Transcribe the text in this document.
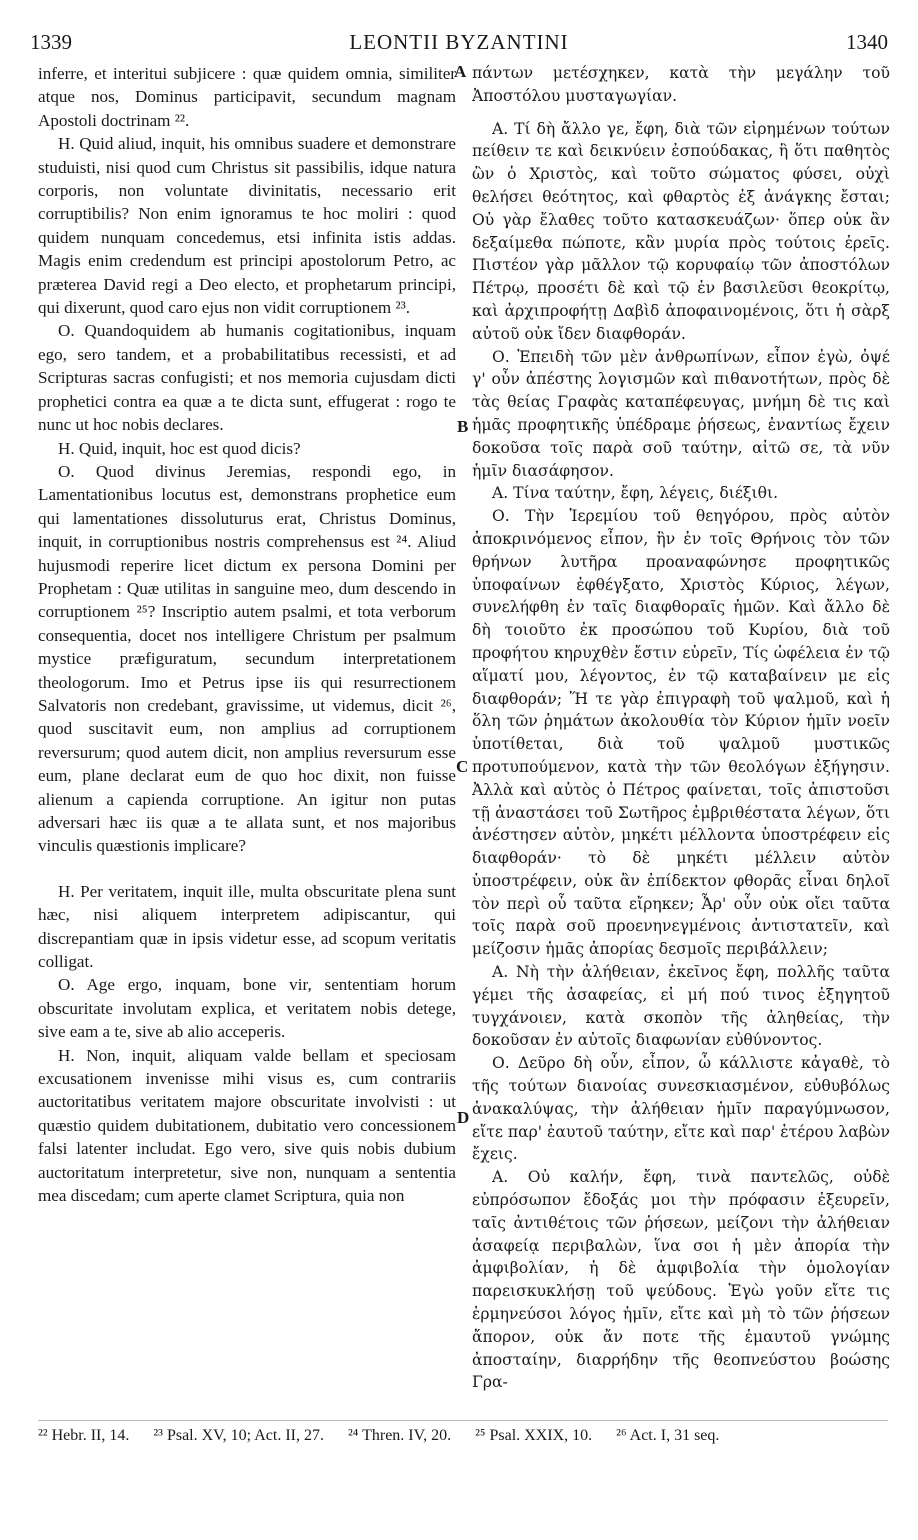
1339	LEONTII BYZANTINI	1340

inferre, et interitui subjicere : quæ quidem omnia, similiter atque nos, Dominus participavit, secundum magnam Apostoli doctrinam ²².

H. Quid aliud, inquit, his omnibus suadere et demonstrare studuisti, nisi quod cum Christus sit passibilis, idque natura corporis, non voluntate divinitatis, necessario erit corruptibilis? Non enim ignoramus te hoc moliri : quod quidem nunquam concedemus, etsi infinita istis addas. Magis enim credendum est principi apostolorum Petro, ac præterea David regi a Deo electo, et prophetarum principi, qui dixerunt, quod caro ejus non vidit corruptionem ²³.

O. Quandoquidem ab humanis cogitationibus, inquam ego, sero tandem, et a probabilitatibus recessisti, et ad Scripturas sacras confugisti; et nos memoria cujusdam dicti prophetici contra ea quæ a te dicta sunt, effugerat : rogo te nunc ut hoc nobis declares.

H. Quid, inquit, hoc est quod dicis?

O. Quod divinus Jeremias, respondi ego, in Lamentationibus locutus est, demonstrans prophetice eum qui lamentationes dissoluturus erat, Christus Dominus, inquit, in corruptionibus nostris comprehensus est ²⁴. Aliud hujusmodi reperire licet dictum ex persona Domini per Prophetam : Quæ utilitas in sanguine meo, dum descendo in corruptionem ²⁵? Inscriptio autem psalmi, et tota verborum consequentia, docet nos intelligere Christum per psalmum mystice præfiguratum, secundum interpretationem theologorum. Imo et Petrus ipse iis qui resurrectionem Salvatoris non credebant, gravissime, ut videmus, dicit ²⁶, quod suscitavit eum, non amplius ad corruptionem reversurum; quod autem dicit, non amplius reversurum esse eum, plane declarat eum de quo hoc dixit, non fuisse alienum a capienda corruptione. An igitur non putas adversari hæc iis quæ a te allata sunt, et nos majoribus vinculis quæstionis implicare?

H. Per veritatem, inquit ille, multa obscuritate plena sunt hæc, nisi aliquem interpretem adipiscantur, qui discrepantiam quæ in ipsis videtur esse, ad scopum veritatis colligat.

O. Age ergo, inquam, bone vir, sententiam horum obscuritate involutam explica, et veritatem nobis detege, sive eam a te, sive ab alio acceperis.

H. Non, inquit, aliquam valde bellam et speciosam excusationem invenisse mihi visus es, cum contrariis auctoritatibus veritatem majore obscuritate involvisti : ut quæstio quidem dubitationem, dubitatio vero concessionem falsi latenter includat. Ego vero, sive quis nobis dubium auctoritatum interpretetur, sive non, nunquam a sententia mea discedam; cum aperte clamet Scriptura, quia non

A
B
C
D

πάντων μετέσχηκεν, κατὰ τὴν μεγάλην τοῦ Ἀποστόλου μυσταγωγίαν.

Α. Τί δὴ ἄλλο γε, ἔφη, διὰ τῶν εἰρημένων τούτων πείθειν τε καὶ δεικνύειν ἐσπούδακας, ἢ ὅτι παθητὸς ὢν ὁ Χριστὸς, καὶ τοῦτο σώματος φύσει, οὐχὶ θελήσει θεότητος, καὶ φθαρτὸς ἐξ ἀνάγκης ἔσται; Οὐ γὰρ ἔλαθες τοῦτο κατασκευάζων· ὅπερ οὐκ ἂν δεξαίμεθα πώποτε, κἂν μυρία πρὸς τούτοις ἐρεῖς. Πιστέον γὰρ μᾶλλον τῷ κορυφαίῳ τῶν ἀποστόλων Πέτρῳ, προσέτι δὲ καὶ τῷ ἐν βασιλεῦσι θεοκρίτῳ, καὶ ἀρχιπροφήτῃ Δαβὶδ ἀποφαινομένοις, ὅτι ἡ σὰρξ αὐτοῦ οὐκ ἴδεν διαφθοράν.

Ο. Ἐπειδὴ τῶν μὲν ἀνθρωπίνων, εἶπον ἐγὼ, ὀψέ γ' οὖν ἀπέστης λογισμῶν καὶ πιθανοτήτων, πρὸς δὲ τὰς θείας Γραφὰς καταπέφευγας, μνήμη δὲ τις καὶ ἡμᾶς προφητικῆς ὑπέδραμε ῥήσεως, ἐναντίως ἔχειν δοκοῦσα τοῖς παρὰ σοῦ ταύτην, αἰτῶ σε, τὰ νῦν ἡμῖν διασάφησον.

Α. Τίνα ταύτην, ἔφη, λέγεις, διέξιθι.

Ο. Τὴν Ἱερεμίου τοῦ θεηγόρου, πρὸς αὐτὸν ἀποκρινόμενος εἶπον, ἣν ἐν τοῖς Θρήνοις τὸν τῶν θρήνων λυτῆρα προαναφώνησε προφητικῶς ὑποφαίνων ἐφθέγξατο, Χριστὸς Κύριος, λέγων, συνελήφθη ἐν ταῖς διαφθοραῖς ἡμῶν. Καὶ ἄλλο δὲ δὴ τοιοῦτο ἐκ προσώπου τοῦ Κυρίου, διὰ τοῦ προφήτου κηρυχθὲν ἔστιν εὑρεῖν, Τίς ὠφέλεια ἐν τῷ αἵματί μου, λέγοντος, ἐν τῷ καταβαίνειν με εἰς διαφθοράν; Ἥ τε γὰρ ἐπιγραφὴ τοῦ ψαλμοῦ, καὶ ἡ ὅλη τῶν ῥημάτων ἀκολουθία τὸν Κύριον ἡμῖν νοεῖν ὑποτίθεται, διὰ τοῦ ψαλμοῦ μυστικῶς προτυπούμενον, κατὰ τὴν τῶν θεολόγων ἐξήγησιν. Ἀλλὰ καὶ αὐτὸς ὁ Πέτρος φαίνεται, τοῖς ἀπιστοῦσι τῇ ἀναστάσει τοῦ Σωτῆρος ἐμβριθέστατα λέγων, ὅτι ἀνέστησεν αὐτὸν, μηκέτι μέλλοντα ὑποστρέφειν εἰς διαφθοράν· τὸ δὲ μηκέτι μέλλειν αὐτὸν ὑποστρέφειν, οὐκ ἂν ἐπίδεκτον φθορᾶς εἶναι δηλοῖ τὸν περὶ οὗ ταῦτα εἴρηκεν; Ἆρ' οὖν οὐκ οἴει ταῦτα τοῖς παρὰ σοῦ προενηνεγμένοις ἀντιστατεῖν, καὶ μείζοσιν ἡμᾶς ἀπορίας δεσμοῖς περιβάλλειν;

Α. Νὴ τὴν ἀλήθειαν, ἐκεῖνος ἔφη, πολλῆς ταῦτα γέμει τῆς ἀσαφείας, εἰ μή πού τινος ἐξηγητοῦ τυγχάνοιεν, κατὰ σκοπὸν τῆς ἀληθείας, τὴν δοκοῦσαν ἐν αὐτοῖς διαφωνίαν εὐθύνοντος.

Ο. Δεῦρο δὴ οὖν, εἶπον, ὦ κάλλιστε κἀγαθὲ, τὸ τῆς τούτων διανοίας συνεσκιασμένον, εὐθυβόλως ἀνακαλύψας, τὴν ἀλήθειαν ἡμῖν παραγύμνωσον, εἴτε παρ' ἑαυτοῦ ταύτην, εἴτε καὶ παρ' ἑτέρου λαβὼν ἔχεις.

Α. Οὐ καλήν, ἔφη, τινὰ παντελῶς, οὐδὲ εὐπρόσωπον ἔδοξάς μοι τὴν πρόφασιν ἐξευρεῖν, ταῖς ἀντιθέτοις τῶν ῥήσεων, μείζονι τὴν ἀλήθειαν ἀσαφείᾳ περιβαλὼν, ἵνα σοι ἡ μὲν ἀπορία τὴν ἀμφιβολίαν, ἡ δὲ ἀμφιβολία τὴν ὁμολογίαν παρεισκυκλήσῃ τοῦ ψεύδους. Ἐγὼ γοῦν εἴτε τις ἑρμηνεύσοι λόγος ἡμῖν, εἴτε καὶ μὴ τὸ τῶν ῥήσεων ἄπορον, οὐκ ἄν ποτε τῆς ἐμαυτοῦ γνώμης ἀποσταίην, διαρρήδην τῆς θεοπνεύστου βοώσης Γρα-

²² Hebr. II, 14. ²³ Psal. XV, 10; Act. II, 27. ²⁴ Thren. IV, 20. ²⁵ Psal. XXIX, 10. ²⁶ Act. I, 31 seq.
